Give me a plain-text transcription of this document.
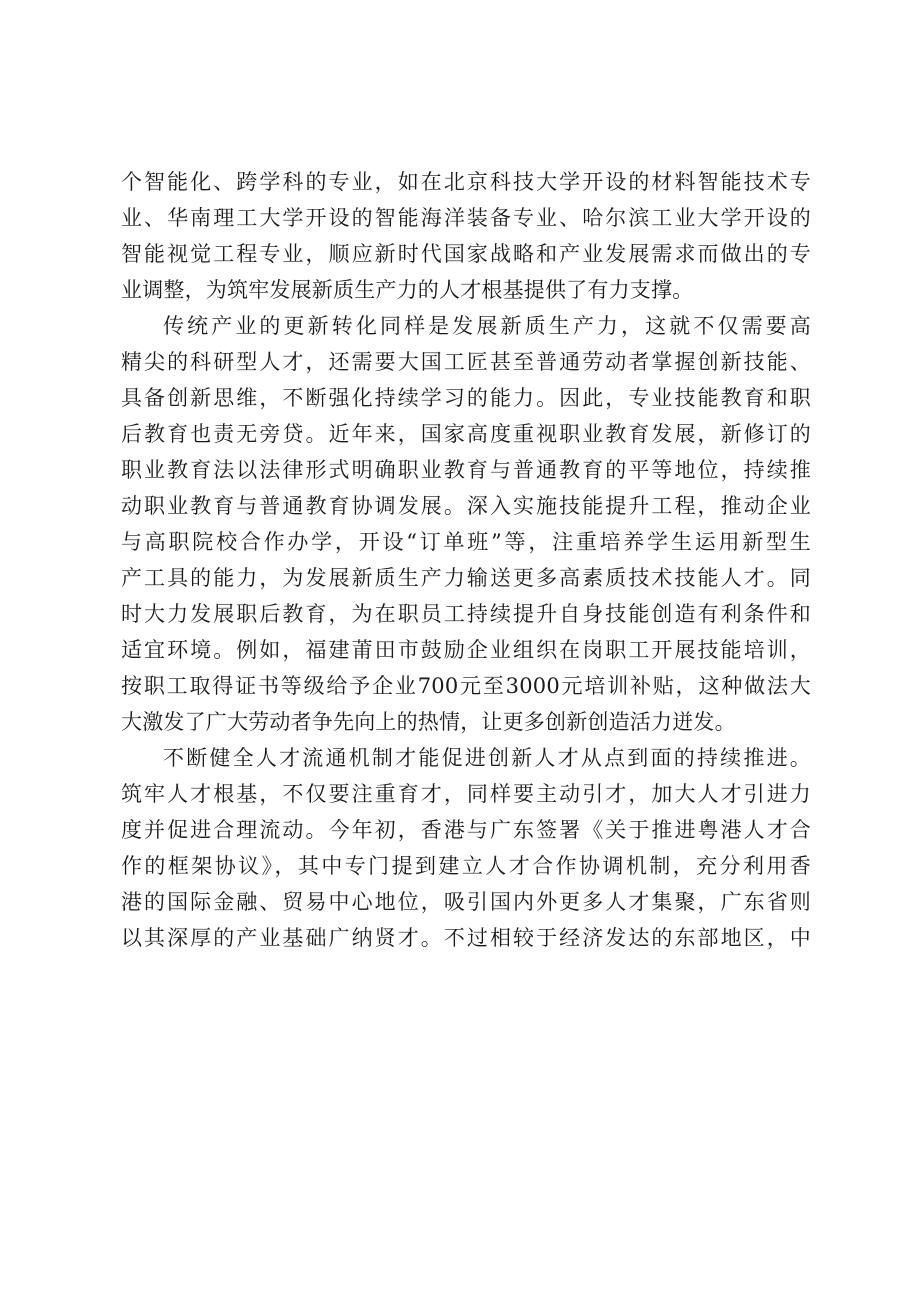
个智能化、跨学科的专业，如在北京科技大学开设的材料智能技术专
业、华南理工大学开设的智能海洋装备专业、哈尔滨工业大学开设的
智能视觉工程专业，顺应新时代国家战略和产业发展需求而做出的专
业调整，为筑牢发展新质生产力的人才根基提供了有力支撑。
传统产业的更新转化同样是发展新质生产力，这就不仅需要高
精尖的科研型人才，还需要大国工匠甚至普通劳动者掌握创新技能、
具备创新思维，不断强化持续学习的能力。因此，专业技能教育和职
后教育也责无旁贷。近年来，国家高度重视职业教育发展，新修订的
职业教育法以法律形式明确职业教育与普通教育的平等地位，持续推
动职业教育与普通教育协调发展。深入实施技能提升工程，推动企业
与高职院校合作办学，开设“订单班”等，注重培养学生运用新型生
产工具的能力，为发展新质生产力输送更多高素质技术技能人才。同
时大力发展职后教育，为在职员工持续提升自身技能创造有利条件和
适宜环境。例如，福建莆田市鼓励企业组织在岗职工开展技能培训，
按职工取得证书等级给予企业700元至3000元培训补贴，这种做法大
大激发了广大劳动者争先向上的热情，让更多创新创造活力迸发。
不断健全人才流通机制才能促进创新人才从点到面的持续推进。
筑牢人才根基，不仅要注重育才，同样要主动引才，加大人才引进力
度并促进合理流动。今年初，香港与广东签署《关于推进粤港人才合
作的框架协议》，其中专门提到建立人才合作协调机制，充分利用香
港的国际金融、贸易中心地位，吸引国内外更多人才集聚，广东省则
以其深厚的产业基础广纳贤才。不过相较于经济发达的东部地区，中
